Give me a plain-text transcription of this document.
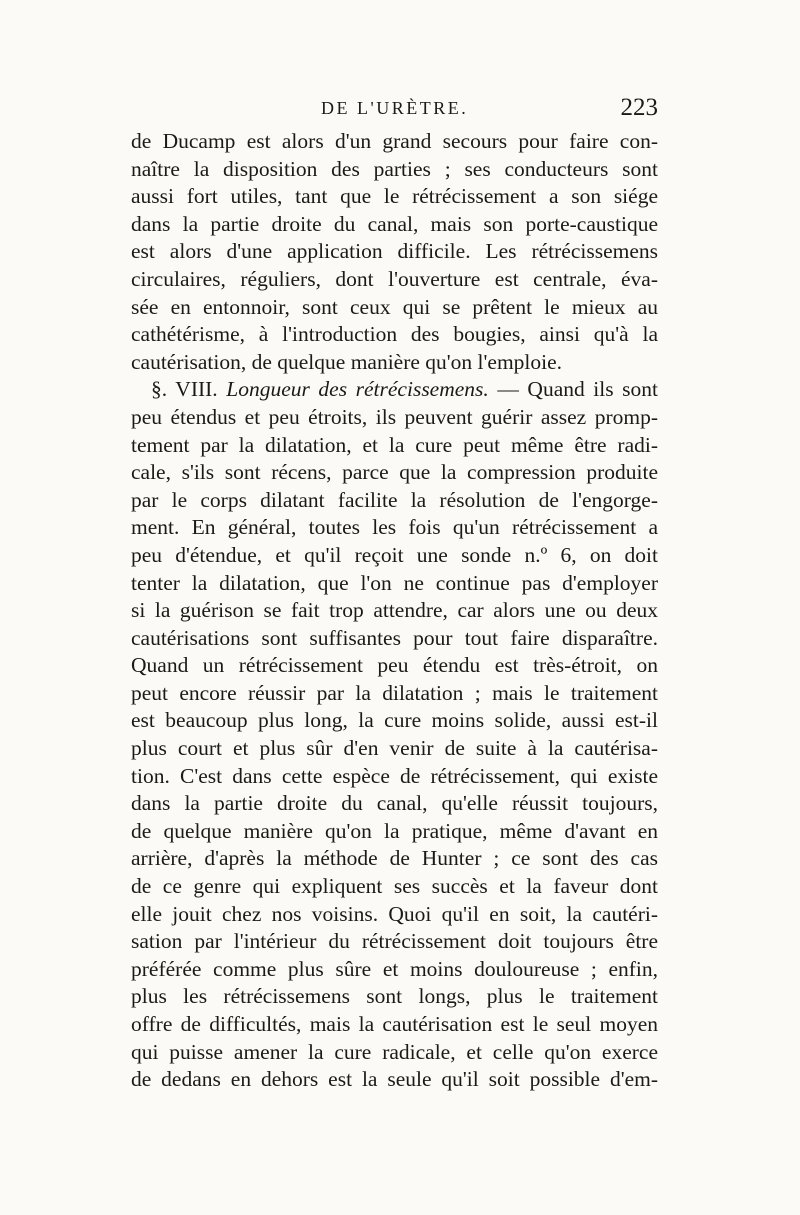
DE L'URÈTRE.	223
de Ducamp est alors d'un grand secours pour faire con-
naître la disposition des parties ; ses conducteurs sont
aussi fort utiles, tant que le rétrécissement a son siége
dans la partie droite du canal, mais son porte-caustique
est alors d'une application difficile. Les rétrécissemens
circulaires, réguliers, dont l'ouverture est centrale, éva-
sée en entonnoir, sont ceux qui se prêtent le mieux au
cathétérisme, à l'introduction des bougies, ainsi qu'à la
cautérisation, de quelque manière qu'on l'emploie.
§. VIII. Longueur des rétrécissemens. — Quand ils sont
peu étendus et peu étroits, ils peuvent guérir assez promp-
tement par la dilatation, et la cure peut même être radi-
cale, s'ils sont récens, parce que la compression produite
par le corps dilatant facilite la résolution de l'engorge-
ment. En général, toutes les fois qu'un rétrécissement a
peu d'étendue, et qu'il reçoit une sonde n.º 6, on doit
tenter la dilatation, que l'on ne continue pas d'employer
si la guérison se fait trop attendre, car alors une ou deux
cautérisations sont suffisantes pour tout faire disparaître.
Quand un rétrécissement peu étendu est très-étroit, on
peut encore réussir par la dilatation ; mais le traitement
est beaucoup plus long, la cure moins solide, aussi est-il
plus court et plus sûr d'en venir de suite à la cautérisa-
tion. C'est dans cette espèce de rétrécissement, qui existe
dans la partie droite du canal, qu'elle réussit toujours,
de quelque manière qu'on la pratique, même d'avant en
arrière, d'après la méthode de Hunter ; ce sont des cas
de ce genre qui expliquent ses succès et la faveur dont
elle jouit chez nos voisins. Quoi qu'il en soit, la cautéri-
sation par l'intérieur du rétrécissement doit toujours être
préférée comme plus sûre et moins douloureuse ; enfin,
plus les rétrécissemens sont longs, plus le traitement
offre de difficultés, mais la cautérisation est le seul moyen
qui puisse amener la cure radicale, et celle qu'on exerce
de dedans en dehors est la seule qu'il soit possible d'em-
